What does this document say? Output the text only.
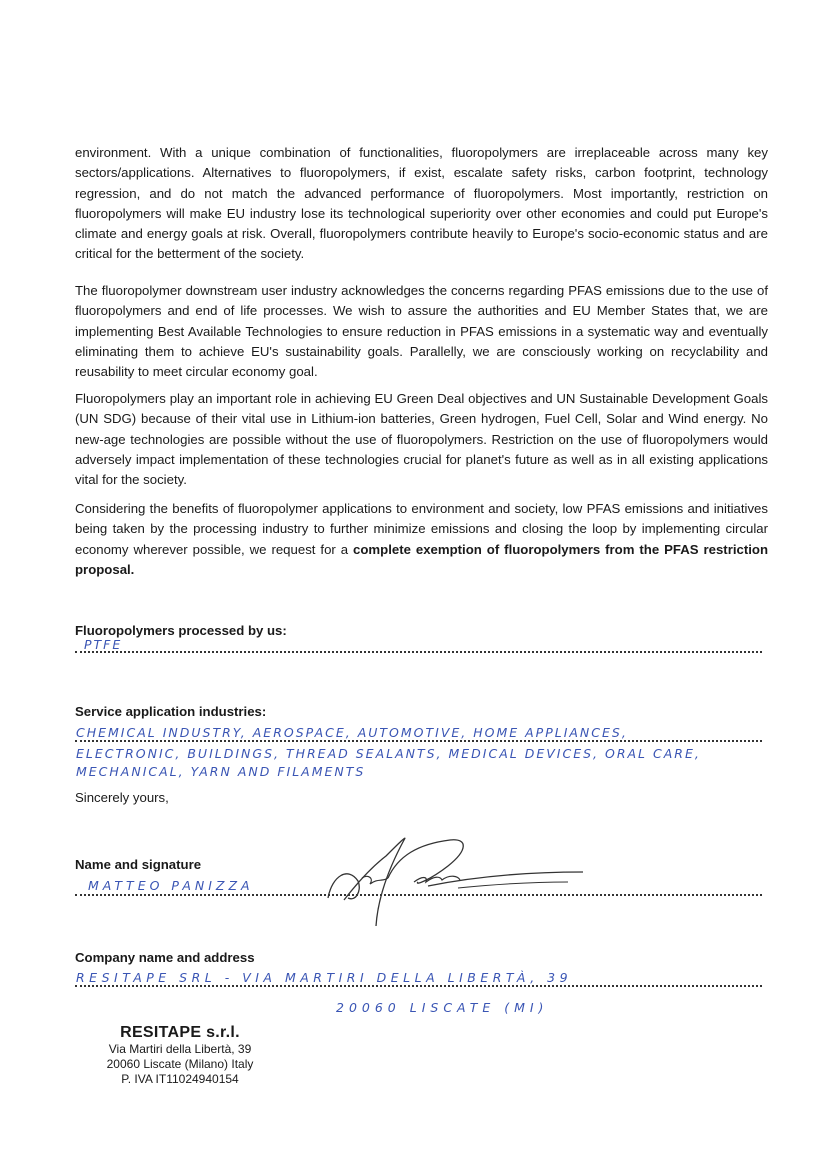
environment. With a unique combination of functionalities, fluoropolymers are irreplaceable across many key sectors/applications. Alternatives to fluoropolymers, if exist, escalate safety risks, carbon footprint, technology regression, and do not match the advanced performance of fluoropolymers. Most importantly, restriction on fluoropolymers will make EU industry lose its technological superiority over other economies and could put Europe's climate and energy goals at risk. Overall, fluoropolymers contribute heavily to Europe's socio-economic status and are critical for the betterment of the society.

The fluoropolymer downstream user industry acknowledges the concerns regarding PFAS emissions due to the use of fluoropolymers and end of life processes. We wish to assure the authorities and EU Member States that, we are implementing Best Available Technologies to ensure reduction in PFAS emissions in a systematic way and eventually eliminating them to achieve EU's sustainability goals. Parallelly, we are consciously working on recyclability and reusability to meet circular economy goal.

Fluoropolymers play an important role in achieving EU Green Deal objectives and UN Sustainable Development Goals (UN SDG) because of their vital use in Lithium-ion batteries, Green hydrogen, Fuel Cell, Solar and Wind energy. No new-age technologies are possible without the use of fluoropolymers. Restriction on the use of fluoropolymers would adversely impact implementation of these technologies crucial for planet's future as well as in all existing applications vital for the society.

Considering the benefits of fluoropolymer applications to environment and society, low PFAS emissions and initiatives being taken by the processing industry to further minimize emissions and closing the loop by implementing circular economy wherever possible, we request for a complete exemption of fluoropolymers from the PFAS restriction proposal.

Fluoropolymers processed by us:

PTFE

Service application industries:

CHEMICAL INDUSTRY, AEROSPACE, AUTOMOTIVE, HOME APPLIANCES,
ELECTRONIC, BUILDINGS, THREAD SEALANTS, MEDICAL DEVICES, ORAL CARE,
MECHANICAL, YARN AND FILAMENTS

Sincerely yours,

Name and signature

MATTEO PANIZZA

Company name and address

RESITAPE SRL - VIA MARTIRI DELLA LIBERTÀ, 39
20060 LISCATE (MI)
RESITAPE s.r.l.
Via Martiri della Libertà, 39
20060 Liscate (Milano) Italy
P. IVA IT11024940154
